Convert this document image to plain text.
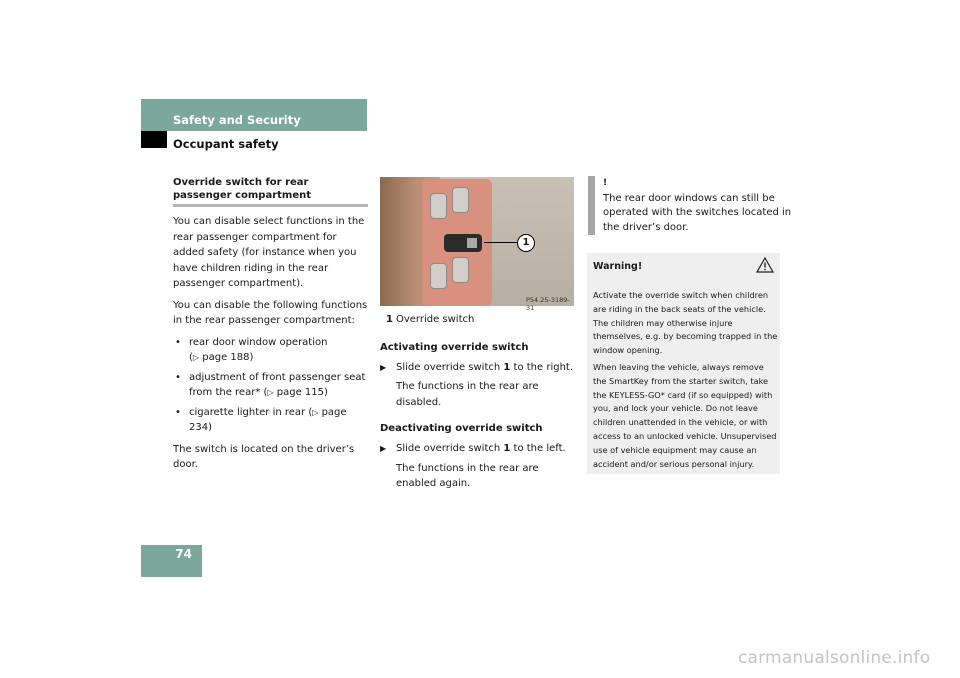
Safety and Security
Occupant safety
Override switch for rear passenger compartment

You can disable select functions in the rear passenger compartment for added safety (for instance when you have children riding in the rear passenger compartment).

You can disable the following functions in the rear passenger compartment:

• rear door window operation
(▷ page 188)
• adjustment of front passenger seat from the rear* (▷ page 115)
• cigarette lighter in rear (▷ page 234)

The switch is located on the driver’s door.

1
P54.25-3189-31
1 Override switch
Activating override switch
▶ Slide override switch 1 to the right.
The functions in the rear are disabled.
Deactivating override switch
▶ Slide override switch 1 to the left.
The functions in the rear are enabled again.
!
The rear door windows can still be operated with the switches located in the driver’s door.
Warning!

Activate the override switch when children are riding in the back seats of the vehicle. The children may otherwise injure themselves, e.g. by becoming trapped in the window opening.

When leaving the vehicle, always remove the SmartKey from the starter switch, take the KEYLESS-GO* card (if so equipped) with you, and lock your vehicle. Do not leave children unattended in the vehicle, or with access to an unlocked vehicle. Unsupervised use of vehicle equipment may cause an accident and/or serious personal injury.

74
carmanualsonline.info
